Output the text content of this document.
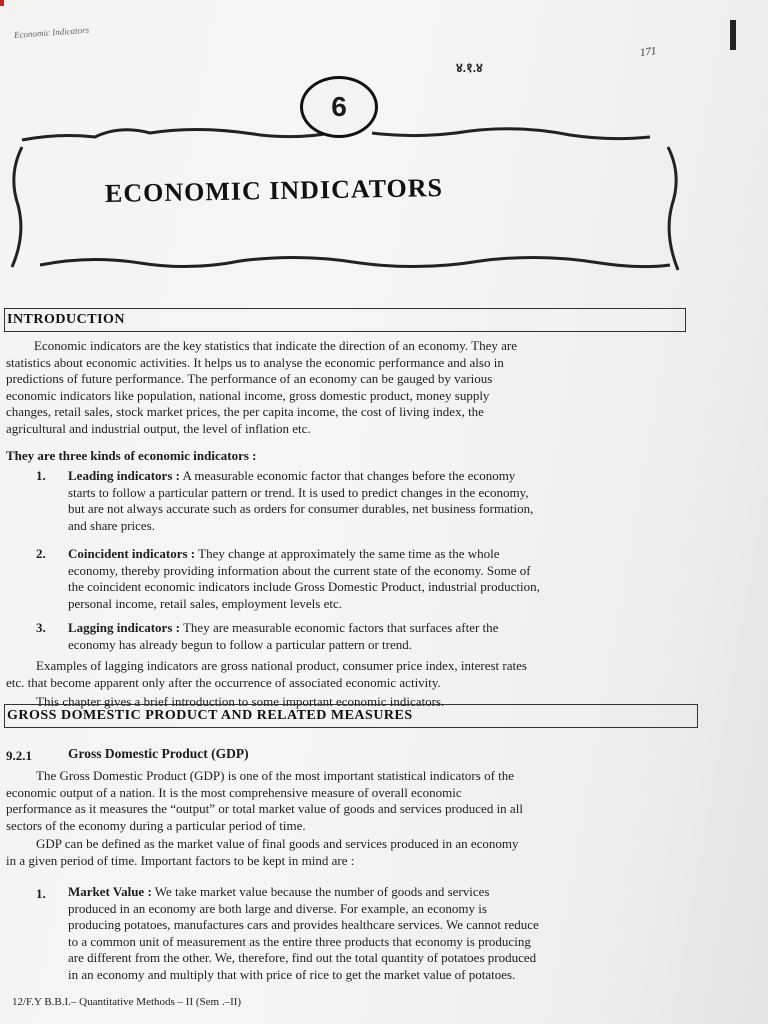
Economic Indicators
४.१.४
171
6
ECONOMIC INDICATORS
INTRODUCTION
Economic indicators are the key statistics that indicate the direction of an economy. They are
statistics about economic activities. It helps us to analyse the economic performance and also in
predictions of future performance. The performance of an economy can be gauged by various
economic indicators like population, national income, gross domestic product, money supply
changes, retail sales, stock market prices, the per capita income, the cost of living index, the
agricultural and industrial output, the level of inflation etc.
They are three kinds of economic indicators :
1. Leading indicators : A measurable economic factor that changes before the economy
starts to follow a particular pattern or trend. It is used to predict changes in the economy,
but are not always accurate such as orders for consumer durables, net business formation,
and share prices.
2. Coincident indicators : They change at approximately the same time as the whole
economy, thereby providing information about the current state of the economy. Some of
the coincident economic indicators include Gross Domestic Product, industrial production,
personal income, retail sales, employment levels etc.
3. Lagging indicators : They are measurable economic factors that surfaces after the
economy has already begun to follow a particular pattern or trend.
Examples of lagging indicators are gross national product, consumer price index, interest rates
etc. that become apparent only after the occurrence of associated economic activity.
This chapter gives a brief introduction to some important economic indicators.
GROSS DOMESTIC PRODUCT AND RELATED MEASURES
9.2.1	Gross Domestic Product (GDP)
The Gross Domestic Product (GDP) is one of the most important statistical indicators of the
economic output of a nation. It is the most comprehensive measure of overall economic
performance as it measures the “output” or total market value of goods and services produced in all
sectors of the economy during a particular period of time.
GDP can be defined as the market value of final goods and services produced in an economy
in a given period of time. Important factors to be kept in mind are :
1. Market Value : We take market value because the number of goods and services
produced in an economy are both large and diverse. For example, an economy is
producing potatoes, manufactures cars and provides healthcare services. We cannot reduce
to a common unit of measurement as the entire three products that economy is producing
are different from the other. We, therefore, find out the total quantity of potatoes produced
in an economy and multiply that with price of rice to get the market value of potatoes.
12/F.Y B.B.I.– Quantitative Methods – II (Sem .–II)
